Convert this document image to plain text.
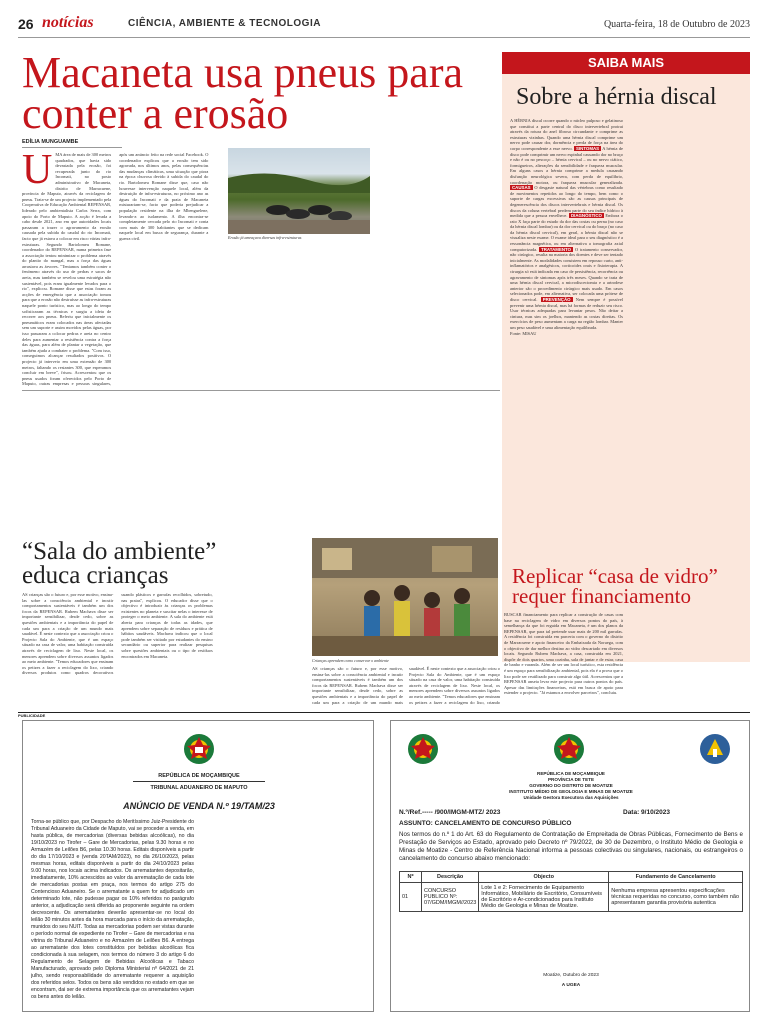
26 notícias	CIÊNCIA, AMBIENTE & TECNOLOGIA	Quarta-feira, 18 de Outubro de 2023
Macaneta usa pneus para conter a erosão
EDÍLIA MUNGUAMBE
U MA área de mais de 300 metros quadrados, que havia sido devastada pela erosão, foi recuperada junto do rio Incomati, no posto administrativo de Macaneta, distrito de Marracuene, província de Maputo, através da reciclagem de pneus. Trata-se de um projecto implementado pela Cooperativa de Educação Ambiental REPENSAR, liderado pelo ambientalista Carlos Serra, com apoio do Porto de Maputo. A acção é levada a cabo desde 2021, ano em que autoridades locais passaram a trazer o agravamento da erosão causada pela subida do caudal do rio Incomati, facto que já estava a colocar em risco várias infra-estruturas. Segundo Bartolomeu Romane, coordenador do REPENSAR, numa primeira fase a associação tentou minimizar o problema através do plantio do mangal, mas a força das águas arrastava as árvores. "Tentamos também conter o fenómeno através do uso de pedras e sacos de areia, mas também se revelou uma estratégia não sustentável, pois eram igualmente levados para o rio", explicou. Romane disse que estas foram as acções de emergência que a associação tomou para que a erosão não destruísse as infra-estruturas naquele ponto turístico, mas ao longo do tempo sofisticaram as técnicas e surgiu a ideia de recorrer aos pneus. Referiu que inicialmente os pneumáticos eram colocados nas áreas afectadas sem um suporte e assim movidos pelas águas, por isso passaram a colocar pedras e areia no centro deles para aumentar a resistência contra a força das águas, para além de plantar a vegetação, que também ajuda a combater o problema. "Com isso, conseguimos alcançar resultados positivos. O projecto já interveio em uma extensão de 300 metros, faltando os restantes 300, que esperamos concluir em breve", frisou. Acrescentou que os pneus usados foram oferecidos pelo Porto de Maputo, outras empresas e pessoas singulares, após um anúncio feito na rede social Facebook. O coordenador explicou que a erosão tem sido agravada, nos últimos anos, pelas consequências das mudanças climáticas, uma situação que piora na época chuvosa devido à subida do caudal do rio. Bartolomeu Romane disse que, caso não houvesse intervenção naquele local, além da destruição de infra-estruturas, no próximo ano as águas do Incomati e da praia de Macaneta misturariam-se, facto que poderia prejudicar a população residente na ilha de Mbenguelene, levando-a ao isolamento. A ilha encontra-se completamente cercada pelo rio Incomati e conta com mais de 300 habitantes que se dedicam naquele local em busca de segurança, durante a guerra civil.	Erosão já ameaçava diversas infra-estruturas
SAIBA MAIS
Sobre a hérnia discal
A HÉRNIA discal ocorre quando o núcleo pulposo e gelatinoso que constitui a parte central do disco intervertebral protrai através da rotura do anel fibroso circundante e comprime as estruturas vizinhas. Quando uma hérnia discal comprime um nervo pode causar dor, dormência e perda de força na área do corpo correspondente a esse nervo. SINTOMAS A hérnia de disco pode comprimir um nervo espinhal causando dor no braço e não é ou no pescoço – hérnia cervical – ou no nervo ciático, formigueiros, alterações da sensibilidade e fraqueza muscular. Em alguns casos a hérnia comprime a medula causando disfunção neurológica severa, com perda de equilíbrio, coordenação motora, ou fraqueza muscular generalizada. CAUSAS O desgaste natural das vértebras como resultado de movimentos repetidos ao longo do tempo, bem como o suporte de cargas excessivas são as causas principais de degenerescência dos discos intervertebrais e hérnia discal. Os discos da coluna vertebral perdem parte do seu índice hídrico à medida que a pessoa envelhece. DIAGNÓSTICO Embora o raio X faça parte do estudo da dor das costas ou perna (no caso da hérnia discal lombar) ou da dor cervical ou do braço (no caso da hérnia discal cervical), em geral, a hérnia discal não se visualiza neste exame. O exame ideal para o seu diagnóstico é a ressonância magnética, ou em alternativa a tomografia axial computorizada. TRATAMENTO O tratamento conservador, não cirúrgico, resulta na maioria dos doentes e deve ser tentado inicialmente. As modalidades consistem em repouso curto, anti-inflamatórios e analgésicos, corticoides orais e fisioterapia. A cirurgia só está indicada em caso de persistência, recorrência ou agravamento de sintomas após três meses. Quando se trata de uma hérnia discal cervical, a microdiscectomia e a artrodese anterior são o procedimento cirúrgico mais usado. Em casos selecionados pode, em alternativa, ser colocada uma prótese de disco cervical. PREVENÇÃO Nem sempre é possível prevenir uma hérnia discal, mas há formas de reduzir seu risco. Usar técnicas adequadas para levantar pesos. Não deitar a cintura, mas sim os joelhos, mantendo as costas direitas. Os exercícios de peso aumentam a carga na região lombar. Manter um peso saudável e uma alimentação equilibrada.
Fonte: MISAU
“Sala do ambiente” educa crianças
AS crianças são o futuro e, por esse motivo, ensina-las sobre a consciência ambiental e incutir comportamentos sustentáveis é também um dos focos da REPENSAR. Rubem Machava disse ser importante sensibilizar, desde cedo, sobre as questões ambientais e a importância do papel de cada um para a criação de um mundo mais saudável. É neste contexto que a associação criou o Projecto Sala do Ambiente, que é um espaço situado na casa de valor, uma habitação construída através de reciclagem de lixo. Neste local, os menores aprendem sobre diversos assuntos ligados ao meio ambiente. "Temos educadores que ensinam os petizes a fazer a reciclagem do lixo, criando diversos produtos como quadros decorativos usando plásticos e garrafas recolhidos, sobretudo, nas praias", explicou. O educador disse que o objectivo é introduzir às crianças os problemas existentes no planeta e suscitar nelas o interesse de proteger o meio ambiente. A sala do ambiente está aberta para crianças de todas as idades, que aprendem sobre separação de resíduos e prática de hábitos saudáveis. Machava indicou que o local pode também ser visitado por estudantes do ensino secundário ou superior para realizar pesquisas sobre questões ambientais ou o tipo de resíduos encontrados em Macaneta.
Crianças aprendem como conservar o ambiente
Replicar “casa de vidro” requer financiamento
AS crianças são o futuro e, por esse motivo, ensina-las sobre a consciência ambiental e incutir comportamentos sustentáveis é também um dos focos da REPENSAR. Rubem Machava disse ser importante sensibilizar, desde cedo, sobre as questões ambientais e a importância do papel de cada um para a criação de um mundo mais saudável. É neste contexto que a associação criou o Projecto Sala do Ambiente, que é um espaço situado na casa de valor, uma habitação construída através de reciclagem de lixo. Neste local, os menores aprendem sobre diversos assuntos ligados ao meio ambiente. "Temos educadores que ensinam os petizes a fazer a reciclagem do lixo, criando
BUSCAR financiamento para replicar a construção de casas com base na reciclagem de vidro em diversos pontos do país, à semelhança da que foi erguida em Macaneta, é um dos planos da REPENSAR, que para tal pretende usar mais de 200 mil garrafas. A residência foi construída em parceria com o governo do distrito de Marracuene e apoio financeiro da Embaixada da Noruega, com o objectivo de dar melhor destino ao vidro descartado em diversos locais. Segundo Rubem Machava, a casa, construída em 2021, dispõe de dois quartos, uma cozinha, sala de jantar e de estar, casa de banho e varanda. Além de ser um local turístico, esta residência é um espaço para sensibilização ambiental, pois ela é a prova que o lixo pode ser reutilizado para construir algo útil. Acrescentou que a REPENSAR anseia levar este projecto para outros pontos do país. Apesar das limitações financeiras, está em busca de apoio para estender o projecto. "Já estamos a envolver parceiros", concluiu.
PUBLICIDADE
REPÚBLICA DE MOÇAMBIQUE
TRIBUNAL ADUANEIRO DE MAPUTO
ANÚNCIO DE VENDA N.º 19/TAM/23
Torna-se público que, por Despacho do Meritíssimo Juiz-Presidente do Tribunal Aduaneiro da Cidade de Maputo, vai se proceder a venda, em hasta pública, de mercadorias (diversas bebidas alcoólicas), no dia 19/10/2023 no Tirofer – Gare de Mercadorias, pelas 9.30 horas e no Armazém de Leilões B6, pelas 10.30 horas. Editais disponíveis a partir do dia 17/10/2023 e (venda 20TAM/2023), no dia 26/10/2023, pelas mesmas horas, editais disponíveis a partir do dia 24/10/2023 pelas 9.00 horas, nos locais acima indicados. Os arrematantes depositarão, imediatamente, 10% acrescidos ao valor da arrematação de cada lote de mercadorias postas em praça, nos termos do artigo 275 do Contencioso Aduaneiro. Se o arrematante a quem for adjudicado um determinado lote, não pudesse pagar os 10% referidos no parágrafo anterior, a adjudicação será diferida ao proponente seguinte na ordem decrescente. Os arrematantes deverão apresentar-se no local do leilão 30 minutos antes da hora marcada para o início da arrematação, munidos do seu NUIT. Todas as mercadorias podem ser vistas durante o período normal de expediente no Tirofer – Gare de mercadorias e na vitrina do Tribunal Aduaneiro e no Armazém de Leilões B6. A entrega ao arrematante dos lotes constituídos por bebidas alcoólicas fica condicionada à sua selagem, nos termos do número 3 do artigo 6 do Regulamento de Selagem de Bebidas Alcoólicas e Tabaco Manufacturado, aprovado pelo Diploma Ministerial nº 64/2021 de 21 julho, sendo responsabilidade do arrematante requerer a aquisição dos referidos selos. Todos os bens são vendidos no estado em que se encontram, dai ser de extrema importância que os arrematantes vejam os bens antes do leilão.
REPÚBLICA DE MOÇAMBIQUE
PROVÍNCIA DE TETE
GOVERNO DO DISTRITO DE MOATIZE
INSTITUTO MÉDIO DE GEOLOGIA E MINAS DE MOATIZE
Unidade Gestora Executora das Aquisições
N.º/Ref.----- /900/IMGM-MTZ/ 2023	Data: 9/10/2023
ASSUNTO: CANCELAMENTO DE CONCURSO PÚBLICO
Nos termos do n.º 1 do Art. 63 do Regulamento de Contratação de Empreitada de Obras Públicas, Fornecimento de Bens e Prestação de Serviços ao Estado, aprovado pelo Decreto nº 79/2022, de 30 de Dezembro, o Instituto Médio de Geologia e Minas de Moatize - Centro de Referência Nacional informa a pessoas colectivas ou singulares, nacionais, ou estrangeiros o cancelamento do concurso abaixo mencionado:
Nº	Descrição	Objecto	Fundamento de Cancelamento
01	CONCURSO PUBLICO Nº: 07/GDM/IMGM//2023	Lote 1 e 2: Fornecimento de Equipamento Informático, Mobiliário de Escritório, Consumíveis de Escritório e Ar-condicionados para Instituto Médio de Geologia e Minas de Moatize.	Nenhuma empresa apresentou especificações técnicas requeridas no concurso, como também não apresentaram garantia provisória autentica
Moatize, Outubro de 2023
A UGEA
